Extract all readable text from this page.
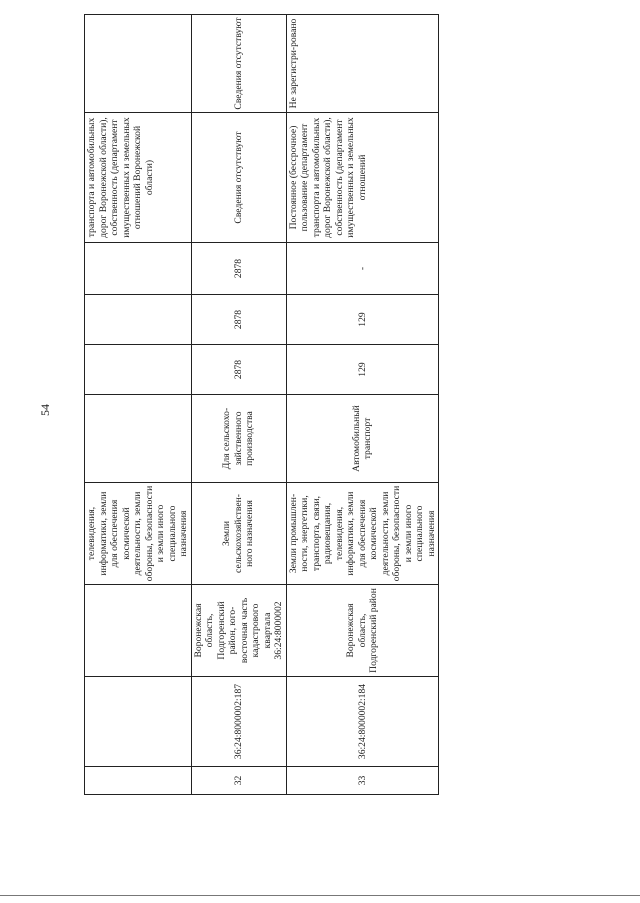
54
			телевидения, информатики, земли для обеспечения космической деятельности, земли обороны, безопасности и земли иного специального назначения					транспорта и автомобильных дорог Воронежской области), собственность (департамент имущественных и земельных отношений Воронежской области)	
32	36:24:8000002:187	Воронежская область, Подгоренский район, юго-восточная часть кадастрового квартала 36:24:8000002	Земли сельскохозяйствен-ного назначения	Для сельскохо-зяйственного производства	2878	2878	2878	Сведения отсутствуют	Сведения отсутствуют
33	36:24:8000002:184	Воронежская область, Подгоренский район	Земли промышлен-ности, энергетики, транспорта, связи, радиовещания, телевидения, информатики, земли для обеспечения космической деятельности, земли обороны, безопасности и земли иного специального назначения	Автомобильный транспорт	129	129	-	Постоянное (бессрочное) пользование (департамент транспорта и автомобильных дорог Воронежской области), собственность (департамент имущественных и земельных отношений	Не зарегистри-ровано
